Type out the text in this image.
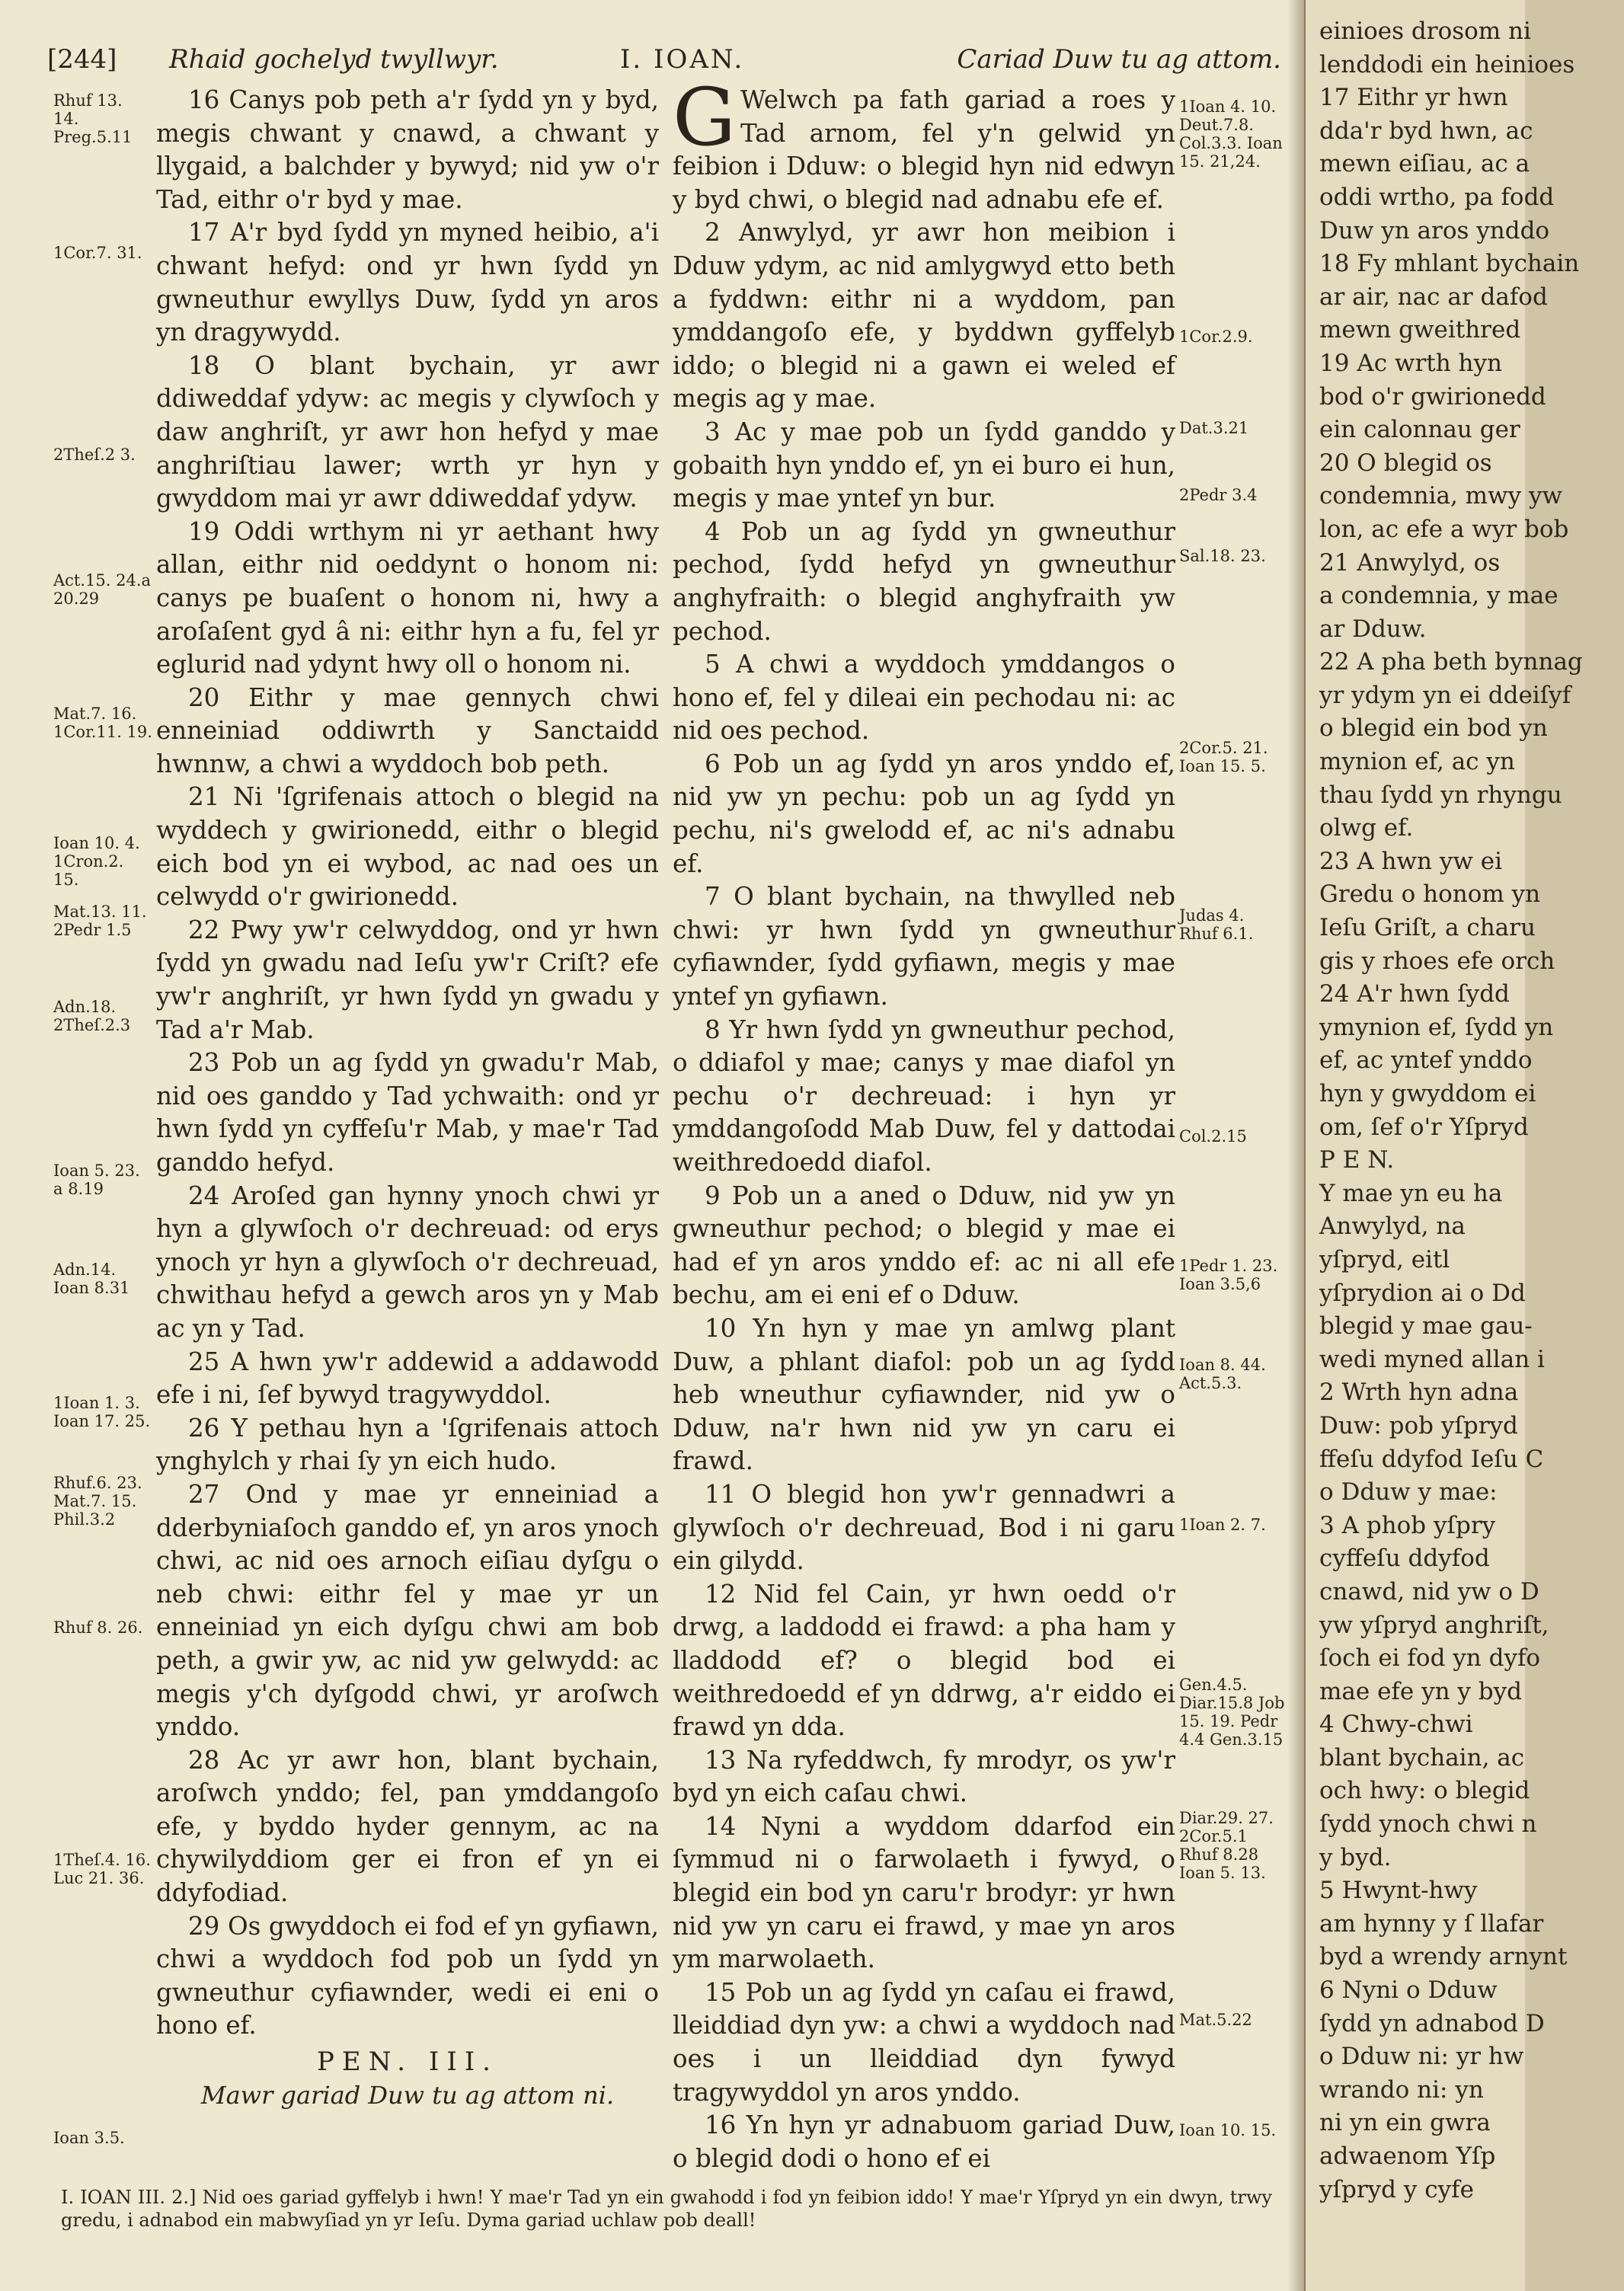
[244] Rhaid gochelyd twyllwyr.	I. IOAN.	Cariad Duw tu ag attom.

16 Canys pob peth a'r ſydd yn y byd, megis chwant y cnawd, a chwant y llygaid, a balchder y bywyd; nid yw o'r Tad, eithr o'r byd y mae.

17 A'r byd ſydd yn myned heibio, a'i chwant hefyd: ond yr hwn ſydd yn gwneuthur ewyllys Duw, ſydd yn aros yn dragywydd.

18 O blant bychain, yr awr ddiweddaf ydyw: ac megis y clywſoch y daw anghriſt, yr awr hon hefyd y mae anghriſtiau lawer; wrth yr hyn y gwyddom mai yr awr ddiweddaf ydyw.

19 Oddi wrthym ni yr aethant hwy allan, eithr nid oeddynt o honom ni: canys pe buaſent o honom ni, hwy a aroſaſent gyd â ni: eithr hyn a fu, fel yr eglurid nad ydynt hwy oll o honom ni.

20 Eithr y mae gennych chwi enneiniad oddiwrth y Sanctaidd hwnnw, a chwi a wyddoch bob peth.

21 Ni 'ſgrifenais attoch o blegid na wyddech y gwirionedd, eithr o blegid eich bod yn ei wybod, ac nad oes un celwydd o'r gwirionedd.

22 Pwy yw'r celwyddog, ond yr hwn ſydd yn gwadu nad Ieſu yw'r Criſt? efe yw'r anghriſt, yr hwn ſydd yn gwadu y Tad a'r Mab.

23 Pob un ag ſydd yn gwadu'r Mab, nid oes ganddo y Tad ychwaith: ond yr hwn ſydd yn cyffeſu'r Mab, y mae'r Tad ganddo hefyd.

24 Aroſed gan hynny ynoch chwi yr hyn a glywſoch o'r dechreuad: od erys ynoch yr hyn a glywſoch o'r dechreuad, chwithau hefyd a gewch aros yn y Mab ac yn y Tad.

25 A hwn yw'r addewid a addawodd efe i ni, ſef bywyd tragywyddol.

26 Y pethau hyn a 'ſgrifenais attoch ynghylch y rhai ſy yn eich hudo.

27 Ond y mae yr enneiniad a dderbyniaſoch ganddo ef, yn aros ynoch chwi, ac nid oes arnoch eiſiau dyſgu o neb chwi: eithr fel y mae yr un enneiniad yn eich dyſgu chwi am bob peth, a gwir yw, ac nid yw gelwydd: ac megis y'ch dyſgodd chwi, yr aroſwch ynddo.

28 Ac yr awr hon, blant bychain, aroſwch ynddo; fel, pan ymddangoſo efe, y byddo hyder gennym, ac na chywilyddiom ger ei fron ef yn ei ddyfodiad.

29 Os gwyddoch ei fod ef yn gyfiawn, chwi a wyddoch fod pob un ſydd yn gwneuthur cyfiawnder, wedi ei eni o hono ef.

PEN. III.
Mawr gariad Duw tu ag attom ni.

G Welwch pa fath gariad a roes y Tad arnom, fel y'n gelwid yn feibion i Dduw: o blegid hyn nid edwyn y byd chwi, o blegid nad adnabu efe ef.

2 Anwylyd, yr awr hon meibion i Dduw ydym, ac nid amlygwyd etto beth a fyddwn: eithr ni a wyddom, pan ymddangoſo efe, y byddwn gyffelyb iddo; o blegid ni a gawn ei weled ef megis ag y mae.

3 Ac y mae pob un ſydd ganddo y gobaith hyn ynddo ef, yn ei buro ei hun, megis y mae yntef yn bur.

4 Pob un ag ſydd yn gwneuthur pechod, ſydd hefyd yn gwneuthur anghyfraith: o blegid anghyfraith yw pechod.

5 A chwi a wyddoch ymddangos o hono ef, fel y dileai ein pechodau ni: ac nid oes pechod.

6 Pob un ag ſydd yn aros ynddo ef, nid yw yn pechu: pob un ag ſydd yn pechu, ni's gwelodd ef, ac ni's adnabu ef.

7 O blant bychain, na thwylled neb chwi: yr hwn ſydd yn gwneuthur cyfiawnder, ſydd gyfiawn, megis y mae yntef yn gyfiawn.

8 Yr hwn ſydd yn gwneuthur pechod, o ddiafol y mae; canys y mae diafol yn pechu o'r dechreuad: i hyn yr ymddangoſodd Mab Duw, fel y dattodai weithredoedd diafol.

9 Pob un a aned o Dduw, nid yw yn gwneuthur pechod; o blegid y mae ei had ef yn aros ynddo ef: ac ni all efe bechu, am ei eni ef o Dduw.

10 Yn hyn y mae yn amlwg plant Duw, a phlant diafol: pob un ag ſydd heb wneuthur cyfiawnder, nid yw o Dduw, na'r hwn nid yw yn caru ei frawd.

11 O blegid hon yw'r gennadwri a glywſoch o'r dechreuad, Bod i ni garu ein gilydd.

12 Nid fel Cain, yr hwn oedd o'r drwg, a laddodd ei frawd: a pha ham y lladdodd ef? o blegid bod ei weithredoedd ef yn ddrwg, a'r eiddo ei frawd yn dda.

13 Na ryfeddwch, fy mrodyr, os yw'r byd yn eich caſau chwi.

14 Nyni a wyddom ddarfod ein ſymmud ni o farwolaeth i fywyd, o blegid ein bod yn caru'r brodyr: yr hwn nid yw yn caru ei frawd, y mae yn aros ym marwolaeth.

15 Pob un ag ſydd yn caſau ei frawd, lleiddiad dyn yw: a chwi a wyddoch nad oes i un lleiddiad dyn fywyd tragywyddol yn aros ynddo.

16 Yn hyn yr adnabuom gariad Duw, o blegid dodi o hono ef ei

Rhuf 13. 14. Preg.5.11
1Cor.7. 31.
2Theſ.2 3.
Act.15. 24.a 20.29
Mat.7. 16. 1Cor.11. 19.
Ioan 10. 4. 1Cron.2. 15.
Mat.13. 11. 2Pedr 1.5
Adn.18. 2Theſ.2.3
Ioan 5. 23. a 8.19
Adn.14. Ioan 8.31
1Ioan 1. 3. Ioan 17. 25.
Rhuf.6. 23. Mat.7. 15. Phil.3.2
Rhuf 8. 26.
1Theſ.4. 16. Luc 21. 36.
Ioan 3.5.
1Ioan 4. 10. Deut.7.8. Col.3.3. Ioan 15. 21,24.
1Cor.2.9.
Dat.3.21
2Pedr 3.4
Sal.18. 23.
2Cor.5. 21. Ioan 15. 5.
Judas 4. Rhuf 6.1.
Col.2.15
1Pedr 1. 23. Ioan 3.5,6
Ioan 8. 44. Act.5.3.
1Ioan 2. 7.
Gen.4.5. Diar.15.8 Job 15. 19. Pedr 4.4 Gen.3.15
Diar.29. 27. 2Cor.5.1 Rhuf 8.28 Ioan 5. 13.
Mat.5.22
Ioan 10. 15.
I. IOAN III. 2.] Nid oes gariad gyffelyb i hwn! Y mae'r Tad yn ein gwahodd i fod yn feibion iddo! Y mae'r Yſpryd yn ein dwyn, trwy gredu, i adnabod ein mabwyſiad yn yr Ieſu. Dyma gariad uchlaw pob deall!
einioes drosom ni
lenddodi ein heinioes
17 Eithr yr hwn
dda'r byd hwn, ac
mewn eiſiau, ac a
oddi wrtho, pa fodd
Duw yn aros ynddo
18 Fy mhlant bychain
ar air, nac ar dafod
mewn gweithred
19 Ac wrth hyn
bod o'r gwirionedd
ein calonnau ger
20 O blegid os
condemnia, mwy yw
lon, ac efe a wyr bob
21 Anwylyd, os
a condemnia, y mae
ar Dduw.
22 A pha beth bynnag
yr ydym yn ei ddeiſyf
o blegid ein bod yn
mynion ef, ac yn
thau ſydd yn rhyngu
olwg ef.
23 A hwn yw ei
Gredu o honom yn
Ieſu Griſt, a charu
gis y rhoes efe orch
24 A'r hwn ſydd
ymynion ef, ſydd yn
ef, ac yntef ynddo
hyn y gwyddom ei
om, ſef o'r Yſpryd
P E N.
Y mae yn eu ha
Anwylyd, na
yſpryd, eitl
yſprydion ai o Dd
blegid y mae gau-
wedi myned allan i
2 Wrth hyn adna
Duw: pob yſpryd
ffeſu ddyfod Ieſu C
o Dduw y mae:
3 A phob yſpry
cyffeſu ddyfod
cnawd, nid yw o D
yw yſpryd anghriſt,
ſoch ei fod yn dyfo
mae efe yn y byd
4 Chwy-chwi
blant bychain, ac
och hwy: o blegid
ſydd ynoch chwi n
y byd.
5 Hwynt-hwy
am hynny y ſ llafar
byd a wrendy arnynt
6 Nyni o Dduw
ſydd yn adnabod D
o Dduw ni: yr hw
wrando ni: yn
ni yn ein gwra
adwaenom Yſp
yſpryd y cyfe
